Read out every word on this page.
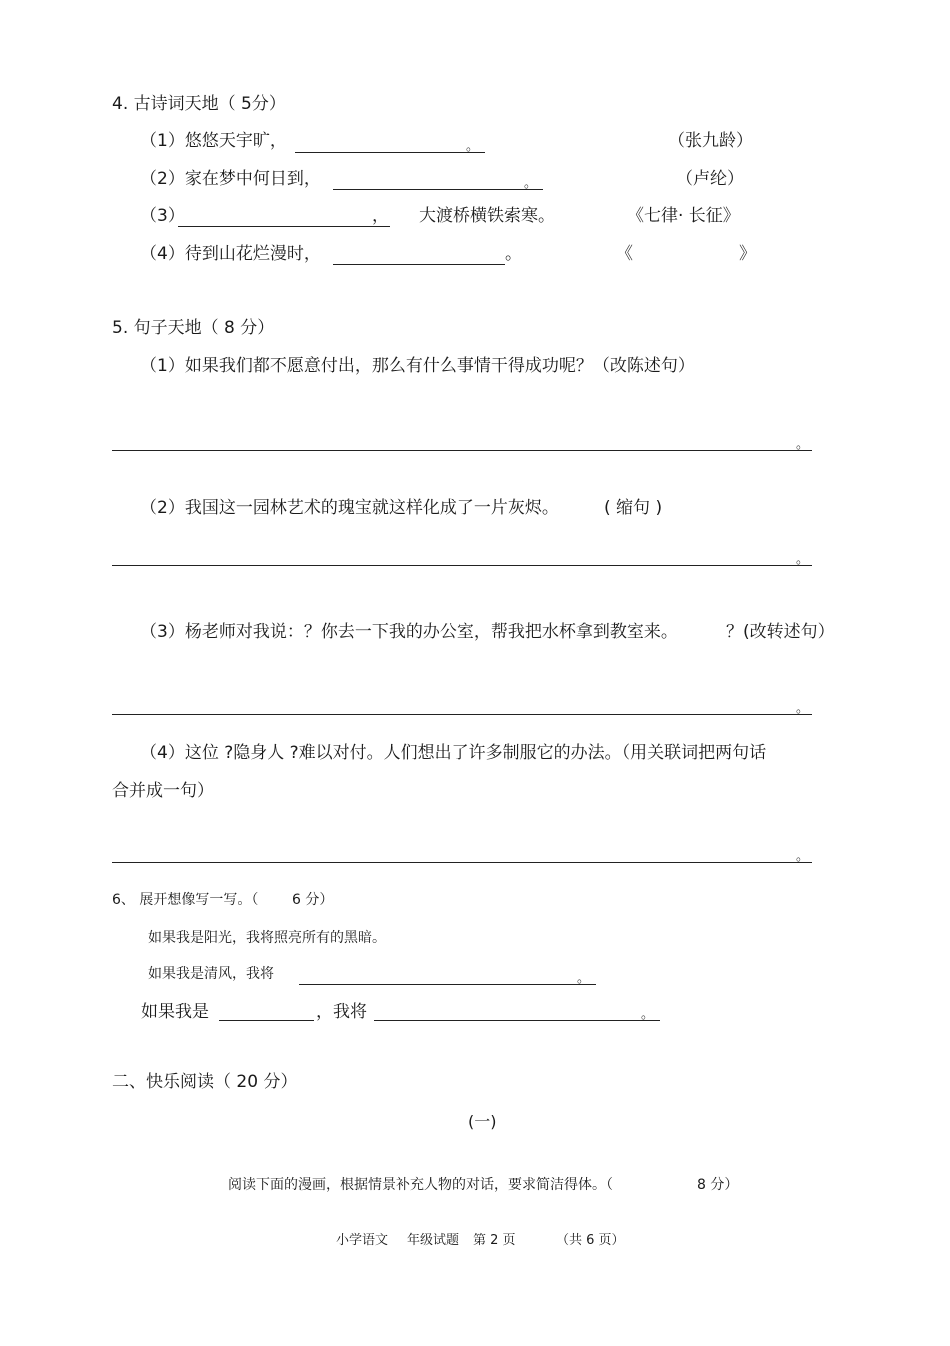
4. 古诗词天地（ 5分）
（1）悠悠天宇旷，	。	（张九龄）
（2）家在梦中何日到，	。	（卢纶）
（3）	， 大渡桥横铁索寒。	《七律· 长征》
（4）待到山花烂漫时，	。	《	》
5. 句子天地（ 8 分）
（1）如果我们都不愿意付出，那么有什么事情干得成功呢？（改陈述句）
。
（2）我国这一园林艺术的瑰宝就这样化成了一片灰烬。	( 缩句 )
。
（3）杨老师对我说：？你去一下我的办公室，帮我把水杯拿到教室来。	？(改转述句）
。
（4）这位 ?隐身人 ?难以对付。人们想出了许多制服它的办法。（用关联词把两句话
合并成一句）
。
6、 展开想像写一写。（ 6 分）
如果我是阳光，我将照亮所有的黑暗。
如果我是清风，我将	。
如果我是	，我将	。
二、快乐阅读（ 20 分）
(一)
阅读下面的漫画，根据情景补充人物的对话，要求简洁得体。（	8 分）
小学语文 年级试题 第 2 页	（共 6 页）
